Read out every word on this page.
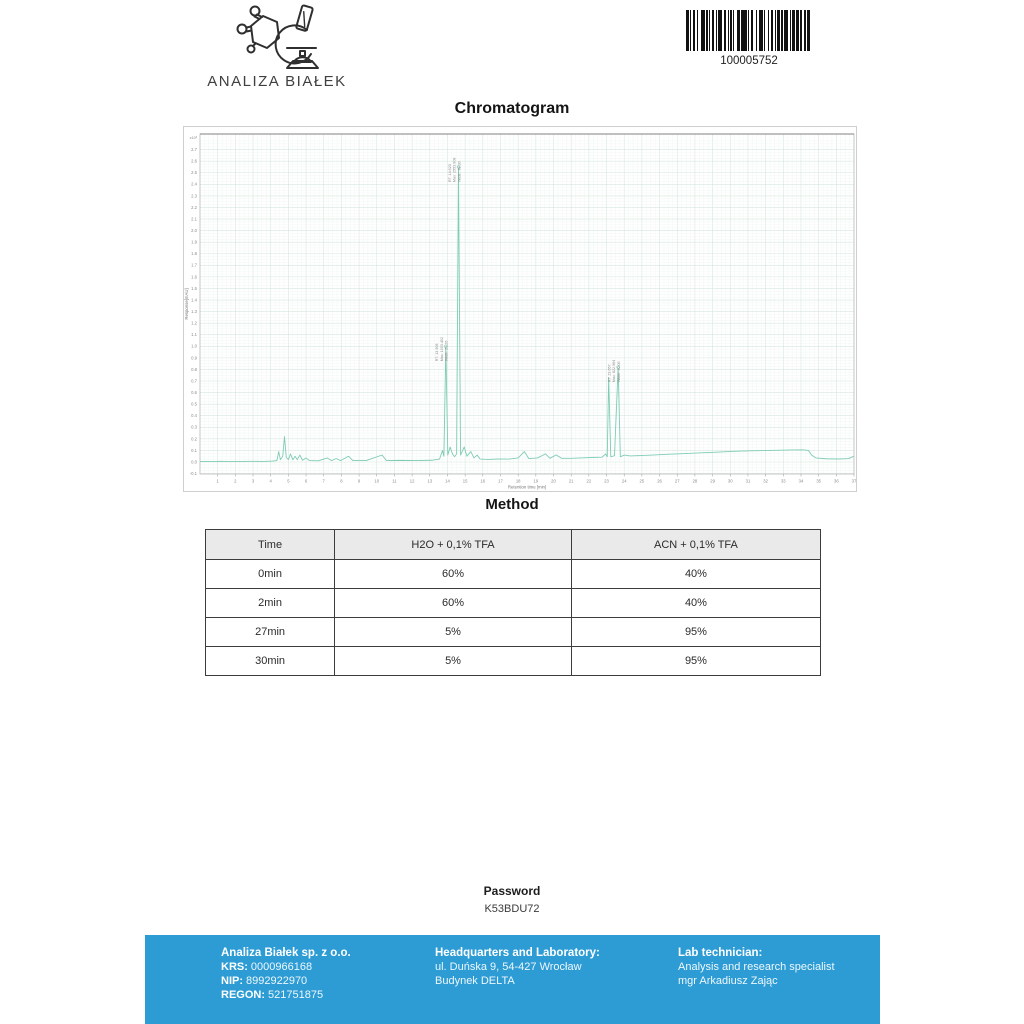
ANALIZA BIAŁEK
100005752
Chromatogram
1	2	3	4	5	6	7	8	9	10	11	12	13	14	15	16	17	18	19	20	21	22	23	24	25	26	27	28	29	30	31	32	33	34	35	36	37
-0.1
0.0
0.1
0.2
0.3
0.4
0.5
0.6
0.7
0.8
0.9
1.0
1.1
1.2
1.3
1.4
1.5
1.6
1.7
1.8
1.9
2.0
2.1
2.2
2.3
2.4
2.5
2.6
2.7
x10³
Retention time [min]
Response[mAU]
RT: 13.908 Max: 1003.402 Width: 21.26
RT: 14.623 Max: 2553.908 Width: 43.30
RT: 23.657 Max: 822.964 Width: 10.06
Method
Time	H2O + 0,1% TFA	ACN + 0,1% TFA
0min	60%	40%
2min	60%	40%
27min	5%	95%
30min	5%	95%
Password
K53BDU72
Analiza Białek sp. z o.o.
KRS: 0000966168
NIP: 8992922970
REGON: 521751875
Headquarters and Laboratory:
ul. Duńska 9, 54-427 Wrocław
Budynek DELTA
Lab technician:
Analysis and research specialist
mgr Arkadiusz Zając
